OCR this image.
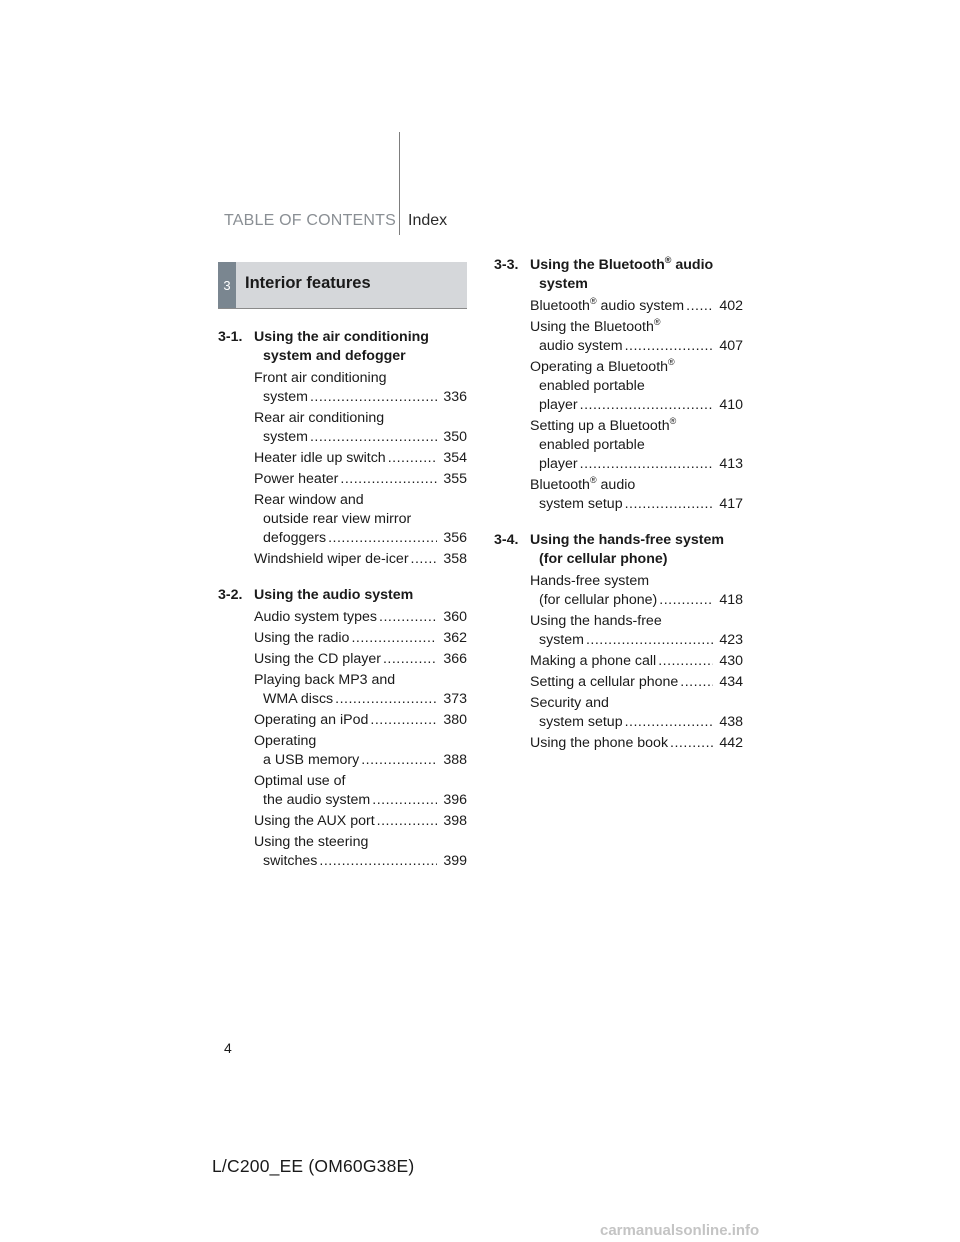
TABLE OF CONTENTS Index
3 Interior features
3-1. Using the air conditioning
system and defogger
Front air conditioning
system .....	336
Rear air conditioning
system .....	350
Heater idle up switch .....	354
Power heater .....	355
Rear window and
outside rear view mirror
defoggers .....	356
Windshield wiper de-icer .....	358
3-2. Using the audio system
Audio system types .....	360
Using the radio .....	362
Using the CD player .....	366
Playing back MP3 and
WMA discs .....	373
Operating an iPod .....	380
Operating
a USB memory .....	388
Optimal use of
the audio system .....	396
Using the AUX port .....	398
Using the steering
switches .....	399
3-3. Using the Bluetooth® audio
system
Bluetooth® audio system .....	402
Using the Bluetooth®
audio system .....	407
Operating a Bluetooth®
enabled portable
player .....	410
Setting up a Bluetooth®
enabled portable
player .....	413
Bluetooth® audio
system setup .....	417
3-4. Using the hands-free system
(for cellular phone)
Hands-free system
(for cellular phone) .....	418
Using the hands-free
system .....	423
Making a phone call .....	430
Setting a cellular phone .....	434
Security and
system setup .....	438
Using the phone book .....	442
4
L/C200_EE (OM60G38E)
carmanualsonline.info
